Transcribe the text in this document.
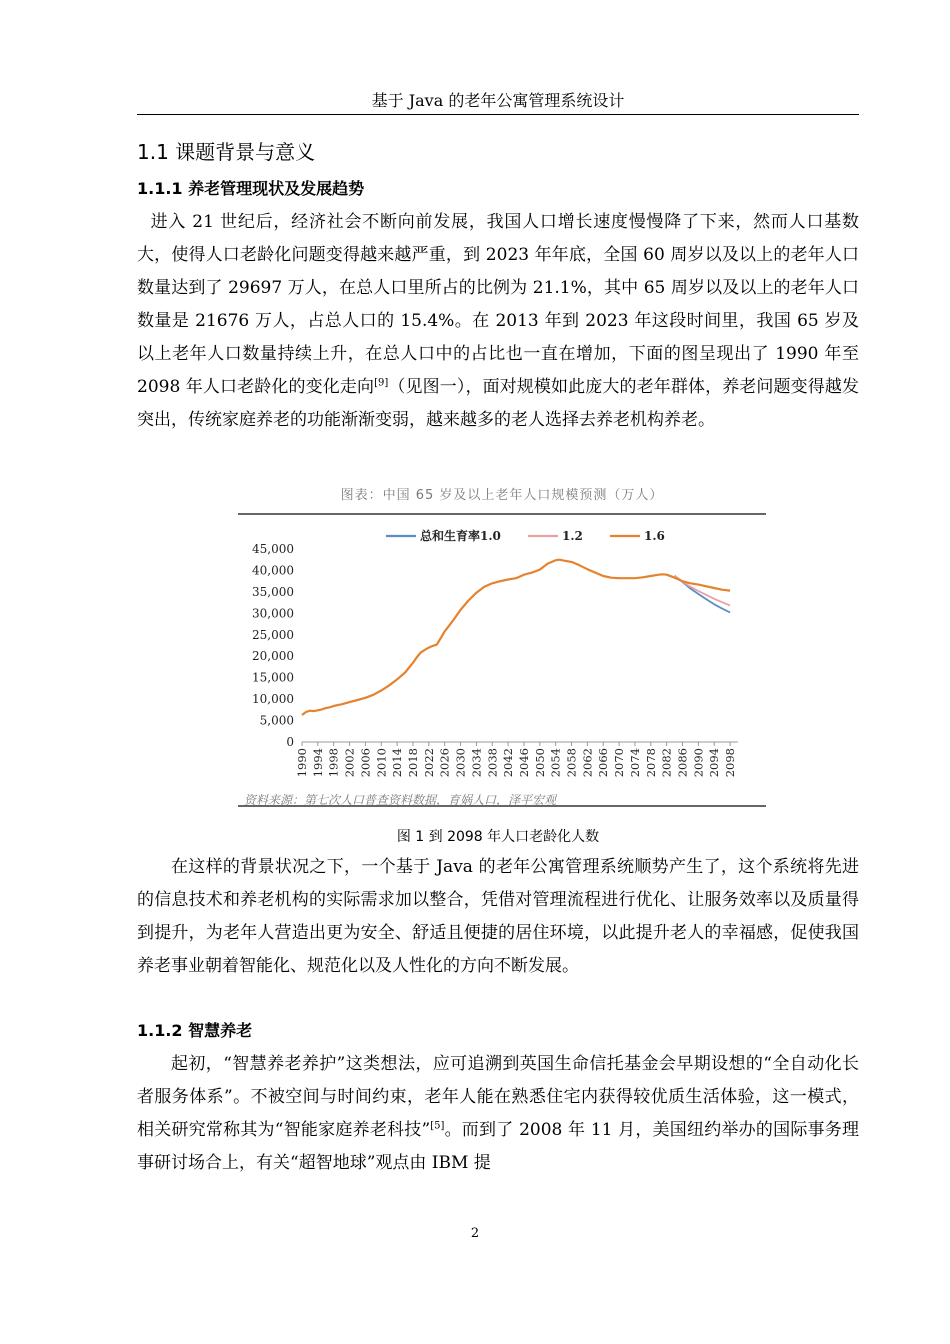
基于 Java 的老年公寓管理系统设计
1.1 课题背景与意义
1.1.1 养老管理现状及发展趋势

进入 21 世纪后，经济社会不断向前发展，我国人口增长速度慢慢降了下来，然而人口基数大，使得人口老龄化问题变得越来越严重，到 2023 年年底，全国 60 周岁以及以上的老年人口数量达到了 29697 万人，在总人口里所占的比例为 21.1%，其中 65 周岁以及以上的老年人口数量是 21676 万人，占总人口的 15.4%。在 2013 年到 2023 年这段时间里，我国 65 岁及以上老年人口数量持续上升，在总人口中的占比也一直在增加，下面的图呈现出了 1990 年至 2098 年人口老龄化的变化走向[9]（见图一），面对规模如此庞大的老年群体，养老问题变得越发突出，传统家庭养老的功能渐渐变弱，越来越多的老人选择去养老机构养老。

图表：中国 65 岁及以上老年人口规模预测（万人）
总和生育率1.0	1.2	1.6
0
5,000
10,000
15,000
20,000
25,000
30,000
35,000
40,000
45,000
1990 1994 1998 2002 2006 2010 2014 2018 2022 2026 2030 2034 2038 2042 2046 2050 2054 2058 2062 2066 2070 2074 2078 2082 2086 2090 2094 2098
资料来源：第七次人口普查资料数据，育娲人口，泽平宏观
图 1 到 2098 年人口老龄化人数

在这样的背景状况之下，一个基于 Java 的老年公寓管理系统顺势产生了，这个系统将先进的信息技术和养老机构的实际需求加以整合，凭借对管理流程进行优化、让服务效率以及质量得到提升，为老年人营造出更为安全、舒适且便捷的居住环境，以此提升老人的幸福感，促使我国养老事业朝着智能化、规范化以及人性化的方向不断发展。

1.1.2 智慧养老

起初，“智慧养老养护”这类想法，应可追溯到英国生命信托基金会早期设想的“全自动化长者服务体系”。不被空间与时间约束，老年人能在熟悉住宅内获得较优质生活体验，这一模式，相关研究常称其为“智能家庭养老科技”[5]。而到了 2008 年 11 月，美国纽约举办的国际事务理事研讨场合上，有关“超智地球”观点由 IBM 提

2
